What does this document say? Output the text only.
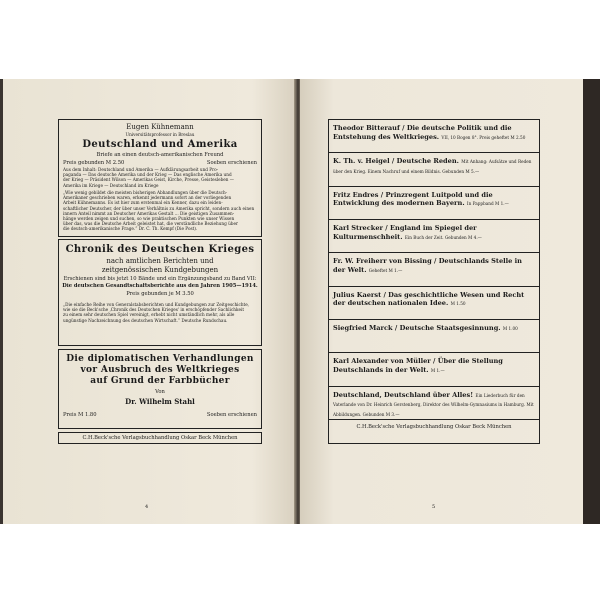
Eugen Kühnemann
Universitätsprofessor in Breslau
Deutschland und Amerika
Briefe an einen deutsch-amerikanischen Freund
Preis gebunden M 2.50	Soeben erschienen
Aus dem Inhalt: Deutschland und Amerika — Aufklärungsarbeit und Pro-
paganda — Das deutsche Amerika und der Krieg — Das englische Amerika und
der Krieg — Präsident Wilson — Amerikas Geist, Kirche, Presse, Geistesleben —
Amerika im Kriege — Deutschland im Kriege
„Wie wenig gebildet die meisten bisherigen Abhandlungen über die Deutsch-
Amerikaner geschrieben waren, erkennt jedermann sofort an der vorliegenden
Arbeit Kühnemanns. Es ist hier zum erstenmal ein Kenner, dazu ein leiden-
schaftlicher Deutscher, der über unser Verhältnis zu Amerika spricht, sondern auch einen
innern Anteil nimmt an Deutscher Amerikas Gestalt ... Die geistigen Zusammen-
hänge werden zeigen und suchen, so wie praktischen Punkten wie unser Wissen
über das, was die Deutsche Arbeit geleistet hat, die verständliche Beziehung über
die deutsch-amerikanische Frage.“ Dr. C. Th. Kempf (Die Post).
Chronik des Deutschen Krieges
nach amtlichen Berichten und
zeitgenössischen Kundgebungen
Erschienen sind bis jetzt 10 Bände und ein Ergänzungsband zu Band VII:
Die deutschen Gesandtschaftsberichte aus den Jahren 1905—1914.
Preis gebunden je M 3.50
„Die einfache Reihe von Generalstabsberichten und Kundgebungen zur Zeitgeschichte,
wie sie die Beck'sche ‚Chronik des Deutschen Krieges' in erschöpfender Sachlichkeit
zu einem sehr deutschen Spiel vereinigt, erhebt nicht umständlich mehr, als alle
ungünstige Nachzeichnung des deutschen Wirtschaft.“ Deutsche Rundschau.
Die diplomatischen Verhandlungen
vor Ausbruch des Weltkrieges
auf Grund der Farbbücher
Von
Dr. Wilhelm Stahl
Preis M 1.80	Soeben erschienen
C.H.Beck'sche Verlagsbuchhandlung Oskar Beck München
4
Theodor Bitterauf / Die deutsche Politik und die Entstehung des Weltkrieges. VII, 10 Bogen 8°. Preis geheftet M 2.50
K. Th. v. Heigel / Deutsche Reden. Mit Anhang: Aufsätze und Reden über den Krieg. Einem Nachruf und einem Bildnis. Gebunden M 5.—
Fritz Endres / Prinzregent Luitpold und die Entwicklung des modernen Bayern. In Pappband M 1.—
Karl Strecker / England im Spiegel der Kulturmenschheit. Ein Buch der Zeit. Gebunden M 4.—
Fr. W. Freiherr von Bissing / Deutschlands Stelle in der Welt. Geheftet M 1.—
Julius Kaerst / Das geschichtliche Wesen und Recht der deutschen nationalen Idee. M 1.50
Siegfried Marck / Deutsche Staatsgesinnung. M 1.00
Karl Alexander von Müller / Über die Stellung Deutschlands in der Welt. M 1.—
Deutschland, Deutschland über Alles! Ein Liederbuch für den Vaterlande von Dr. Heinrich Gerstenberg, Direktor des Wilhelm-Gymnasiums in Hamburg. Mit Abbildungen. Gebunden M 3.—
C.H.Beck'sche Verlagsbuchhandlung Oskar Beck München
5
